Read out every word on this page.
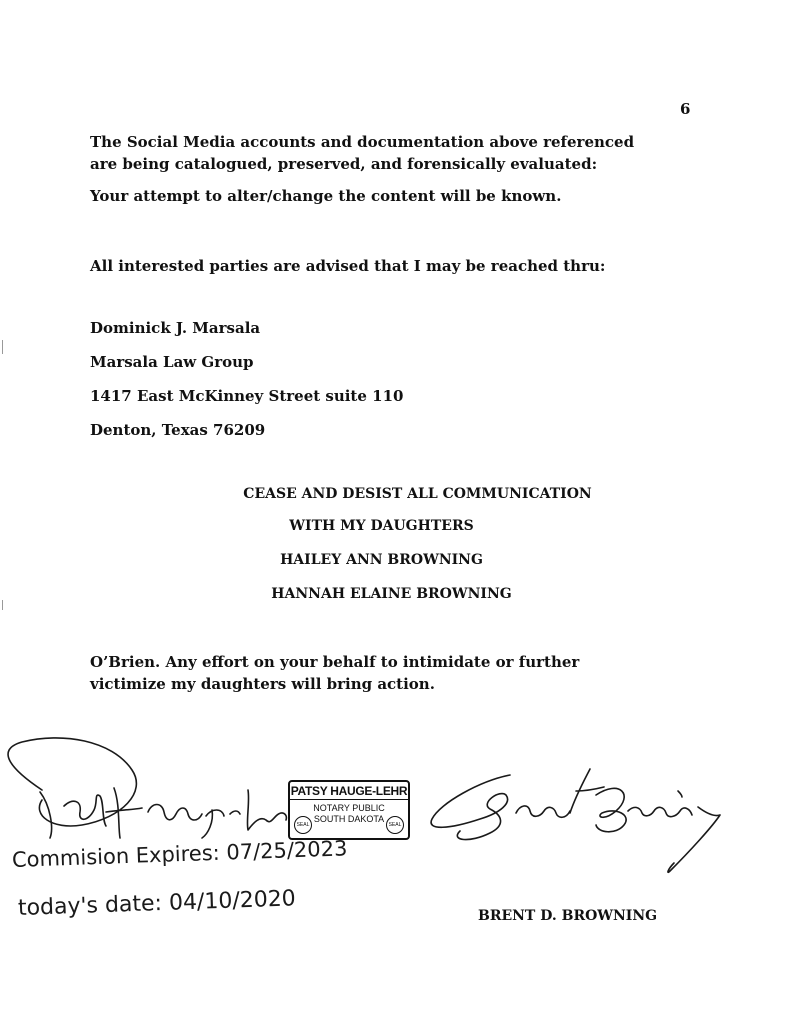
6
The Social Media accounts and documentation above referenced
are being catalogued, preserved, and forensically evaluated:
Your attempt to alter/change the content will be known.
All interested parties are advised that I may be reached thru:
Dominick J. Marsala
Marsala Law Group
1417 East McKinney Street suite 110
Denton, Texas 76209
CEASE AND DESIST ALL COMMUNICATION
WITH MY DAUGHTERS
HAILEY ANN BROWNING
HANNAH ELAINE BROWNING
O’Brien. Any effort on your behalf to intimidate or further
victimize my daughters will bring action.
PATSY HAUGE-LEHR
NOTARY PUBLIC
SOUTH DAKOTA
SEAL	SEAL
Commision Expires: 07/25/2023
today's date: 04/10/2020	BRENT D. BROWNING
